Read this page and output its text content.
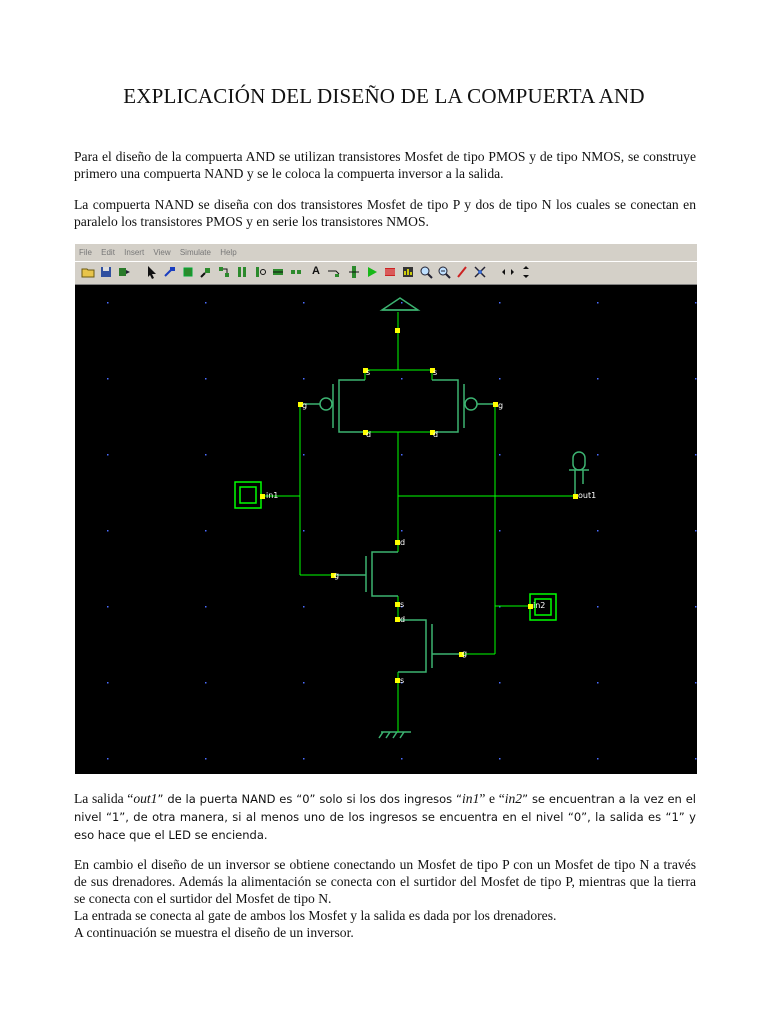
EXPLICACIÓN DEL DISEÑO DE LA COMPUERTA AND

Para el diseño de la compuerta AND se utilizan transistores Mosfet de tipo PMOS y de tipo NMOS, se construye primero una compuerta NAND y se le coloca la compuerta inversor a la salida.

La compuerta NAND se diseña con dos transistores Mosfet de tipo P y dos de tipo N los cuales se conectan en paralelo los transistores PMOS y en serie los transistores NMOS.

File Edit Insert View Simulate Help
A
s	s
d	d
g	g
in1	out1
in2
d
g
s
d
g
s

La salida “out1” de la puerta NAND es “0” solo si los dos ingresos “in1” e “in2” se encuentran a la vez en el nivel “1”, de otra manera, si al menos uno de los ingresos se encuentra en el nivel “0”, la salida es “1” y eso hace que el LED se encienda.

En cambio el diseño de un inversor se obtiene conectando un Mosfet de tipo P con un Mosfet de tipo N a través de sus drenadores. Además la alimentación se conecta con el surtidor del Mosfet de tipo P, mientras que la tierra se conecta con el surtidor del Mosfet de tipo N.

La entrada se conecta al gate de ambos los Mosfet y la salida es dada por los drenadores.

A continuación se muestra el diseño de un inversor.
